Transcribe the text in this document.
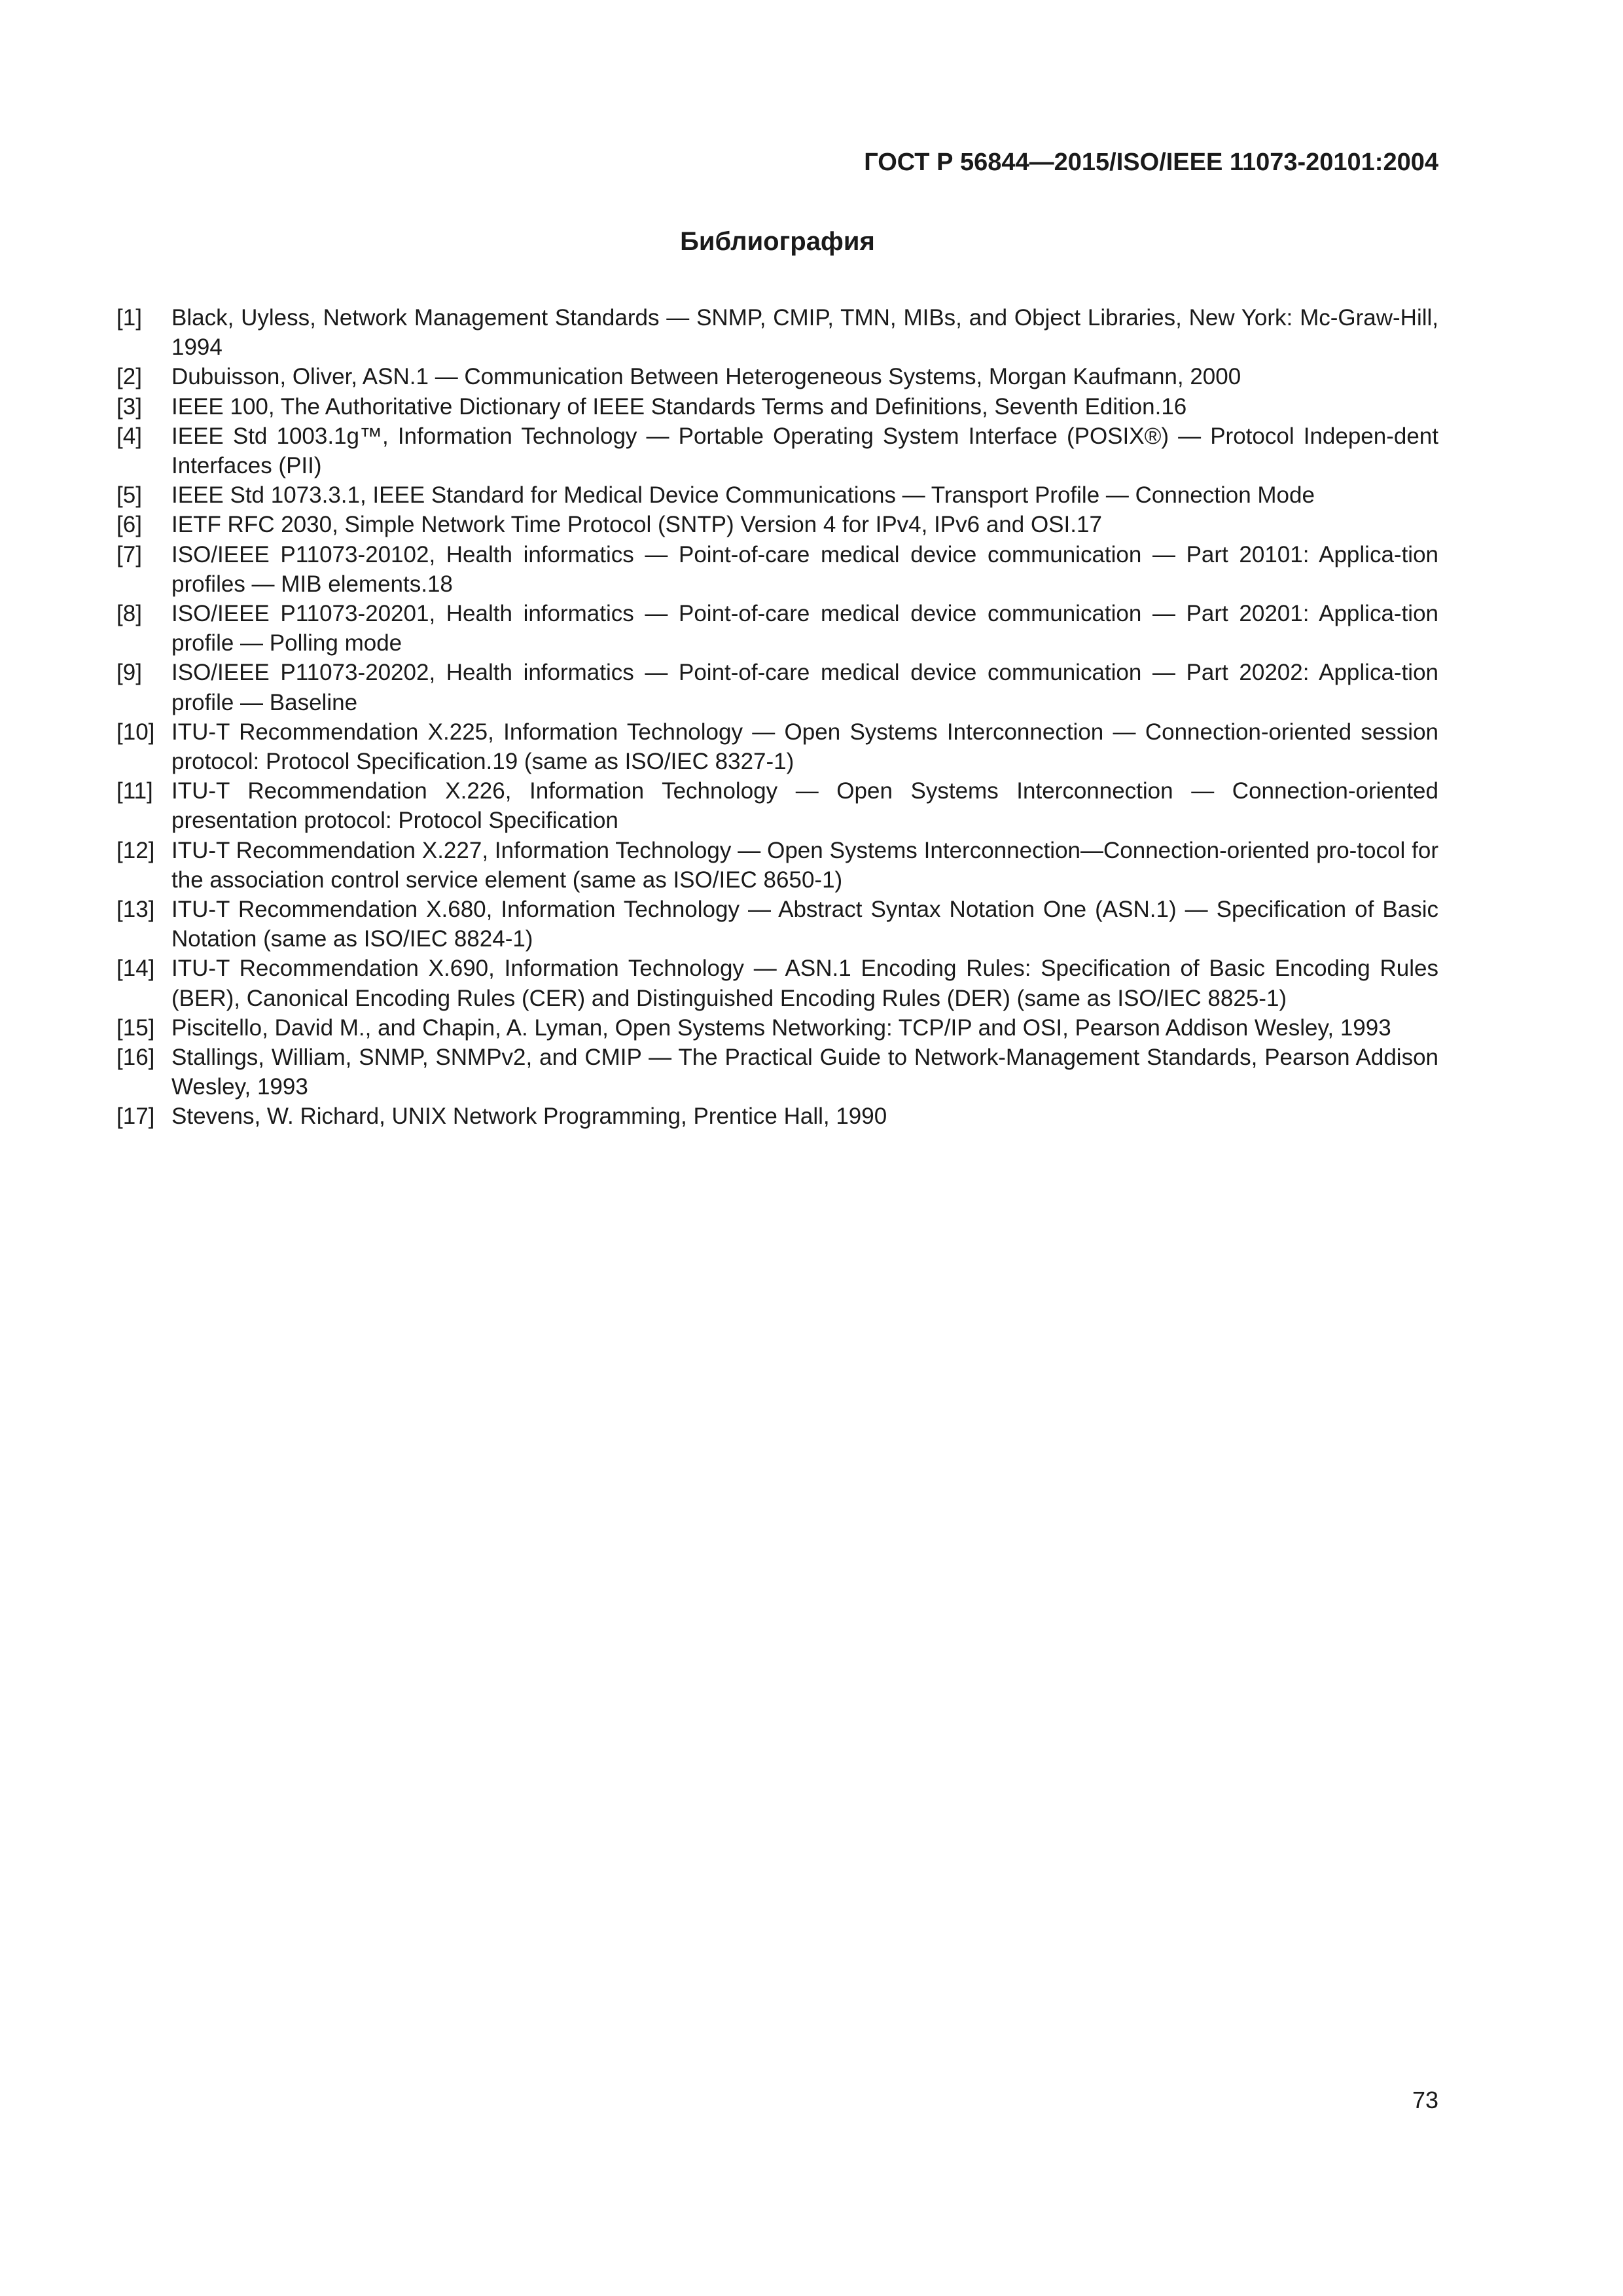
ГОСТ Р 56844—2015/ISO/IEEE 11073-20101:2004
Библиография
[1]	Black, Uyless, Network Management Standards — SNMP, CMIP, TMN, MIBs, and Object Libraries, New York: Mc-Graw-Hill, 1994
[2]	Dubuisson, Oliver, ASN.1 — Communication Between Heterogeneous Systems, Morgan Kaufmann, 2000
[3]	IEEE 100, The Authoritative Dictionary of IEEE Standards Terms and Definitions, Seventh Edition.16
[4]	IEEE Std 1003.1g™, Information Technology — Portable Operating System Interface (POSIX®) — Protocol Indepen-dent Interfaces (PII)
[5]	IEEE Std 1073.3.1, IEEE Standard for Medical Device Communications — Transport Profile — Connection Mode
[6]	IETF RFC 2030, Simple Network Time Protocol (SNTP) Version 4 for IPv4, IPv6 and OSI.17
[7]	ISO/IEEE P11073-20102, Health informatics — Point-of-care medical device communication — Part 20101: Applica-tion profiles — MIB elements.18
[8]	ISO/IEEE P11073-20201, Health informatics — Point-of-care medical device communication — Part 20201: Applica-tion profile — Polling mode
[9]	ISO/IEEE P11073-20202, Health informatics — Point-of-care medical device communication — Part 20202: Applica-tion profile — Baseline
[10] ITU-T Recommendation X.225, Information Technology — Open Systems Interconnection — Connection-oriented session protocol: Protocol Specification.19 (same as ISO/IEC 8327-1)
[11] ITU-T Recommendation X.226, Information Technology — Open Systems Interconnection — Connection-oriented presentation protocol: Protocol Specification
[12] ITU-T Recommendation X.227, Information Technology — Open Systems Interconnection—Connection-oriented pro-tocol for the association control service element (same as ISO/IEC 8650-1)
[13] ITU-T Recommendation X.680, Information Technology — Abstract Syntax Notation One (ASN.1) — Specification of Basic Notation (same as ISO/IEC 8824-1)
[14] ITU-T Recommendation X.690, Information Technology — ASN.1 Encoding Rules: Specification of Basic Encoding Rules (BER), Canonical Encoding Rules (CER) and Distinguished Encoding Rules (DER) (same as ISO/IEC 8825-1)
[15] Piscitello, David M., and Chapin, A. Lyman, Open Systems Networking: TCP/IP and OSI, Pearson Addison Wesley, 1993
[16] Stallings, William, SNMP, SNMPv2, and CMIP — The Practical Guide to Network-Management Standards, Pearson Addison Wesley, 1993
[17] Stevens, W. Richard, UNIX Network Programming, Prentice Hall, 1990
73
